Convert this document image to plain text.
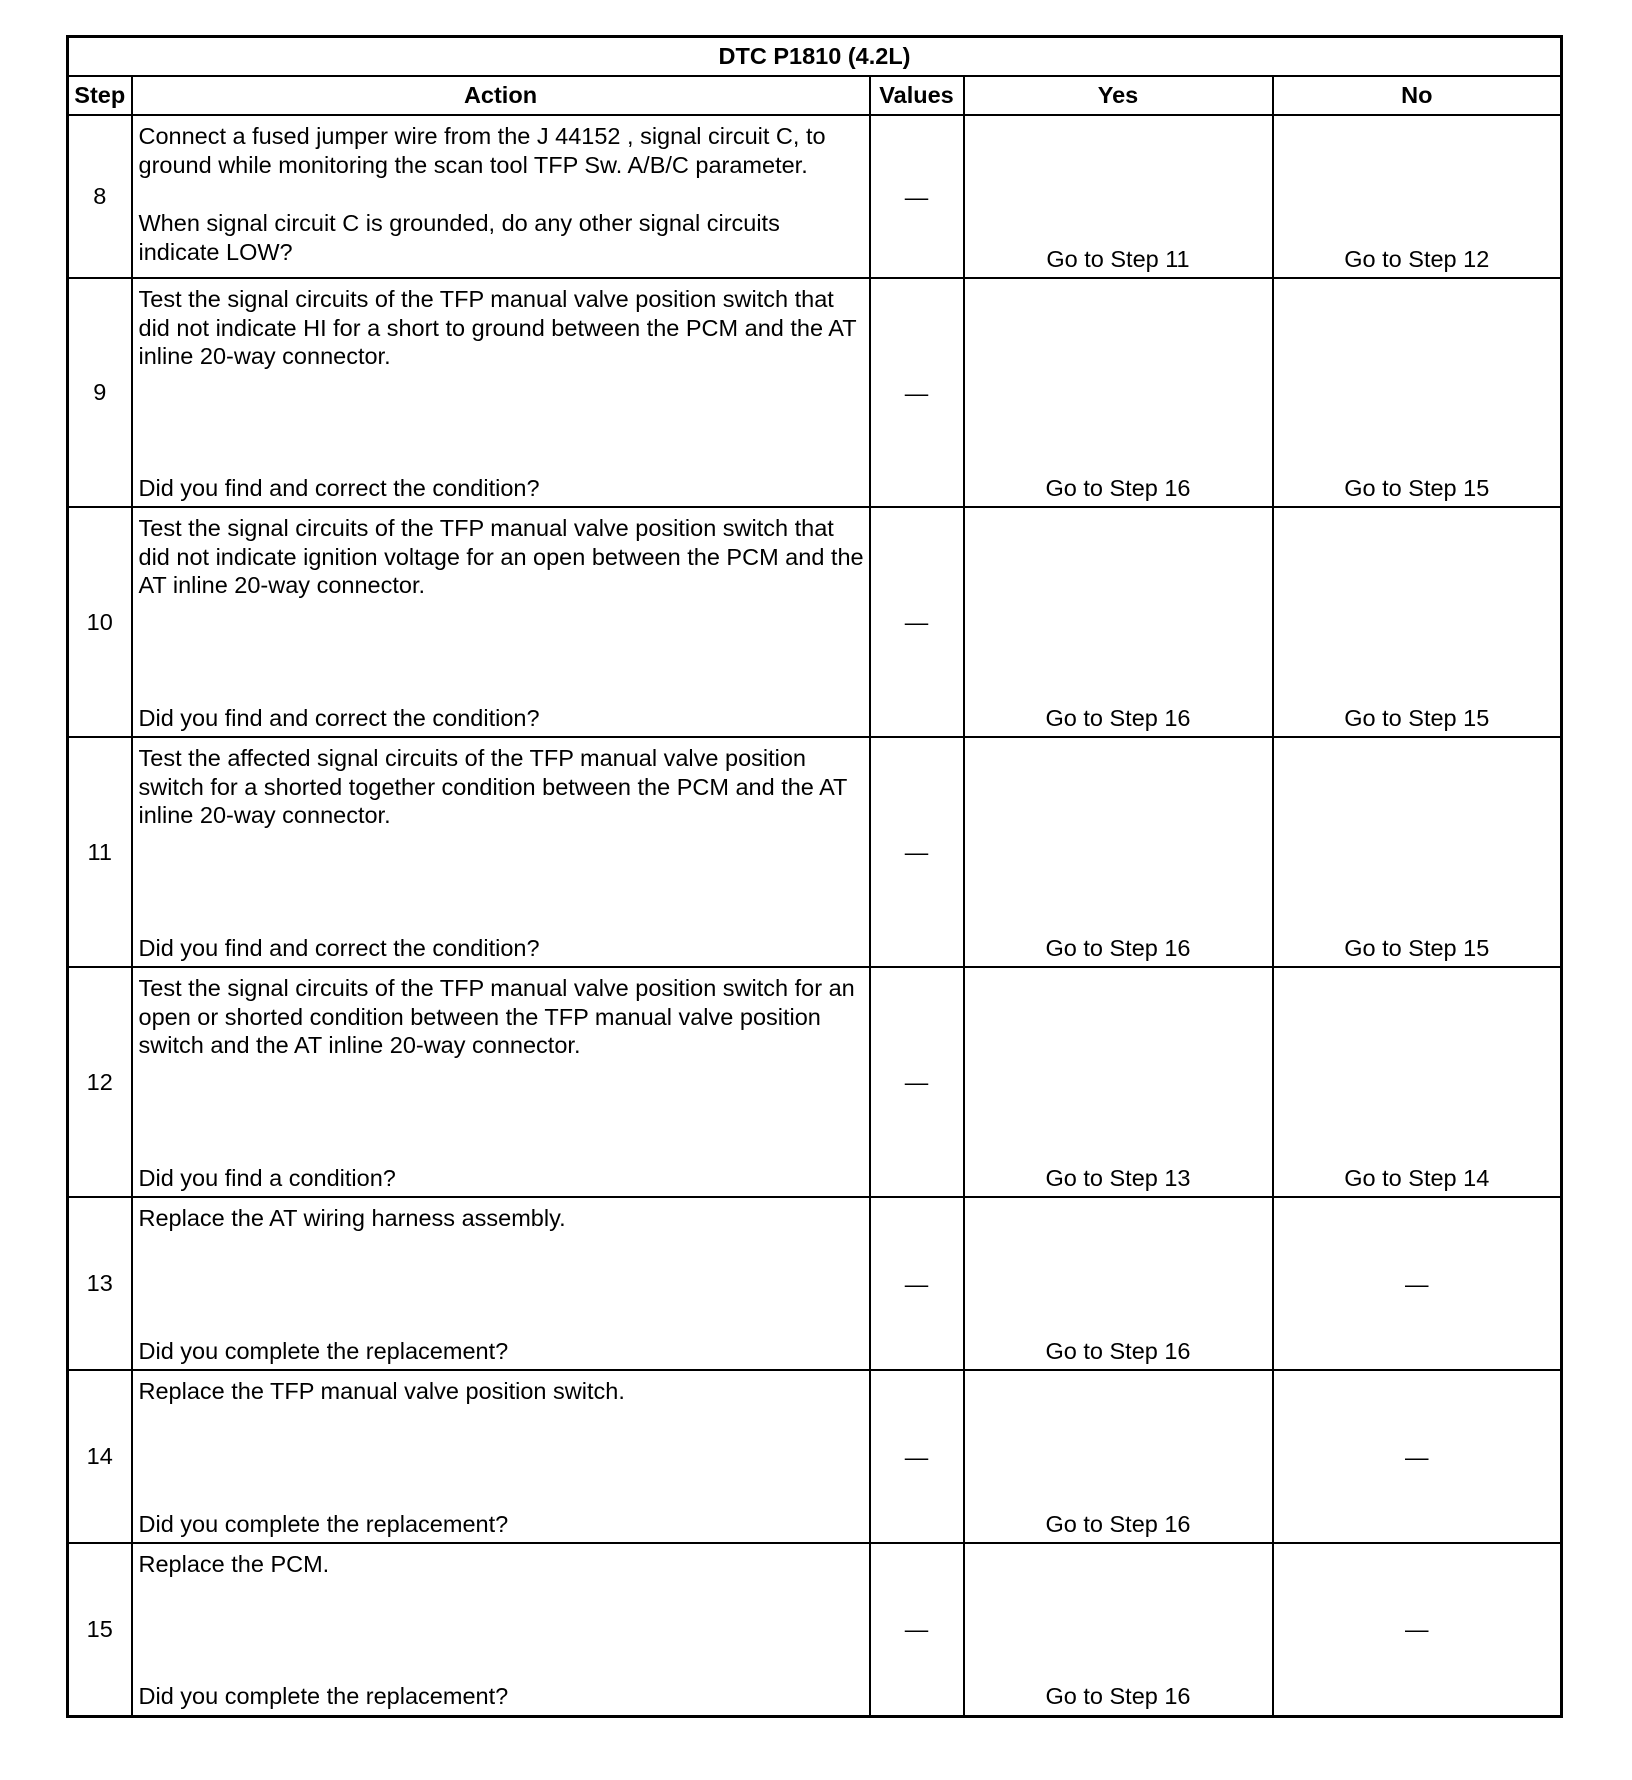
DTC P1810 (4.2L)				
Step	Action	Values	Yes	No
8	Connect a fused jumper wire from the J 44152 , signal circuit C, to ground while monitoring the scan tool TFP Sw. A/B/C parameter.

When signal circuit C is grounded, do any other signal circuits indicate LOW?	—	Go to Step 11	Go to Step 12

9	Test the signal circuits of the TFP manual valve position switch that did not indicate HI for a short to ground between the PCM and the AT inline 20-way connector.

Did you find and correct the condition?	—	Go to Step 16	Go to Step 15

10	Test the signal circuits of the TFP manual valve position switch that did not indicate ignition voltage for an open between the PCM and the AT inline 20-way connector.

Did you find and correct the condition?	—	Go to Step 16	Go to Step 15

11	Test the affected signal circuits of the TFP manual valve position switch for a shorted together condition between the PCM and the AT inline 20-way connector.

Did you find and correct the condition?	—	Go to Step 16	Go to Step 15

12	Test the signal circuits of the TFP manual valve position switch for an open or shorted condition between the TFP manual valve position switch and the AT inline 20-way connector.

Did you find a condition?	—	Go to Step 13	Go to Step 14

13	Replace the AT wiring harness assembly.

Did you complete the replacement?	—	Go to Step 16	—

14	Replace the TFP manual valve position switch.

Did you complete the replacement?	—	Go to Step 16	—

15	Replace the PCM.

Did you complete the replacement?	—	Go to Step 16	—
